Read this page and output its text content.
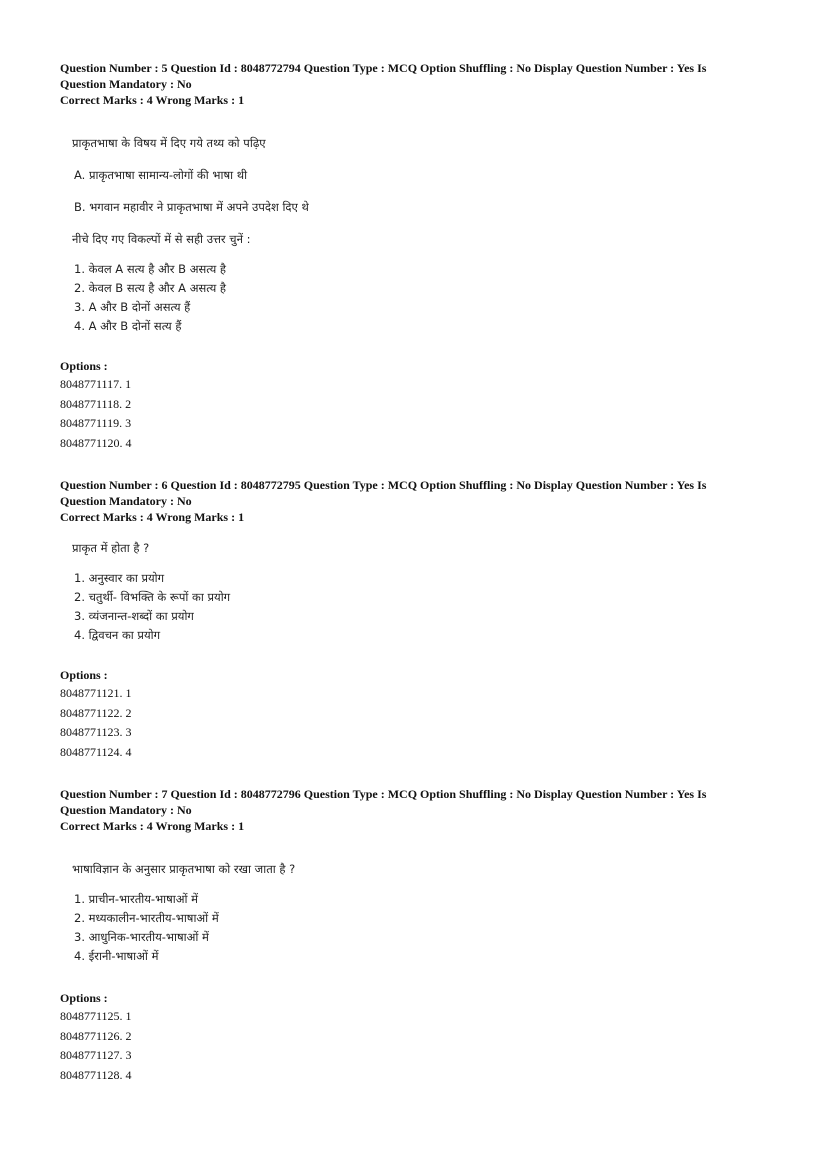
Question Number : 5 Question Id : 8048772794 Question Type : MCQ Option Shuffling : No Display Question Number : Yes Is
Question Mandatory : No
Correct Marks : 4 Wrong Marks : 1
प्राकृतभाषा के विषय में दिए गये तथ्य को पढ़िए
A. प्राकृतभाषा सामान्य-लोगों की भाषा थी
B. भगवान महावीर ने प्राकृतभाषा में अपने उपदेश दिए थे
नीचे दिए गए विकल्पों में से सही उत्तर चुनें :
1. केवल A सत्य है और B असत्य है
2. केवल B सत्य है और A असत्य है
3. A और B दोनों असत्य हैं
4. A और B दोनों सत्य हैं
Options :
8048771117. 1
8048771118. 2
8048771119. 3
8048771120. 4
Question Number : 6 Question Id : 8048772795 Question Type : MCQ Option Shuffling : No Display Question Number : Yes Is
Question Mandatory : No
Correct Marks : 4 Wrong Marks : 1
प्राकृत में होता है ?
1. अनुस्वार का प्रयोग
2. चतुर्थी- विभक्ति के रूपों का प्रयोग
3. व्यंजनान्त-शब्दों का प्रयोग
4. द्विवचन का प्रयोग
Options :
8048771121. 1
8048771122. 2
8048771123. 3
8048771124. 4
Question Number : 7 Question Id : 8048772796 Question Type : MCQ Option Shuffling : No Display Question Number : Yes Is
Question Mandatory : No
Correct Marks : 4 Wrong Marks : 1
भाषाविज्ञान के अनुसार प्राकृतभाषा को रखा जाता है ?
1. प्राचीन-भारतीय-भाषाओं में
2. मध्यकालीन-भारतीय-भाषाओं में
3. आधुनिक-भारतीय-भाषाओं में
4. ईरानी-भाषाओं में
Options :
8048771125. 1
8048771126. 2
8048771127. 3
8048771128. 4
